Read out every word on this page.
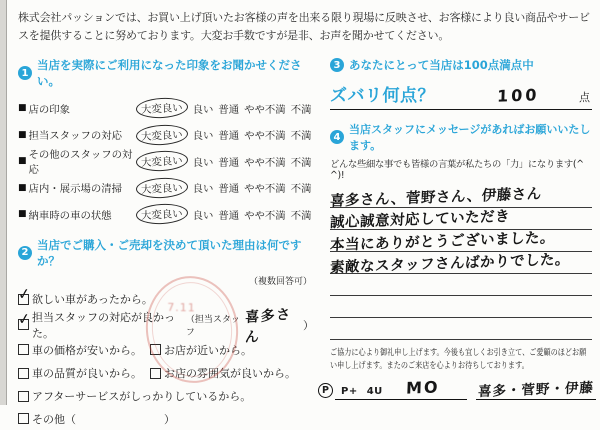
株式会社パッションでは、お買い上げ頂いたお客様の声を出来る限り現場に反映させ、お客様により良い商品やサービスを提供することに努めております。大変お手数ですが是非、お声を聞かせてください。

1
当店を実際にご利用になった印象をお聞かせください。
■ 店の印象	大変良い 良い 普通 やや不満 不満
■ 担当スタッフの対応	大変良い 良い 普通 やや不満 不満
■ その他のスタッフの対応
大変良い 良い 普通 やや不満 不満
■ 店内・展示場の清掃	大変良い 良い 普通 やや不満 不満
■ 納車時の車の状態	大変良い 良い 普通 やや不満 不満
2
当店でご購入・ご売却を決めて頂いた理由は何ですか？
（複数回答可）
✓ 欲しい車があったから。
✓ 担当スタッフの対応が良かった。
（担当スタッフ
喜多さん
）
車の価格が安いから。 お店が近いから。
車の品質が良いから。 お店の雰囲気が良いから。
アフターサービスがしっかりしているから。
その他（	）
3 あなたにとって当店は100点満点中
ズバリ何点？	100	点
4
当店スタッフにメッセージがあればお願いいたします。
どんな些細な事でも皆様の言葉が私たちの「力」になります(^ ^)!
喜多さん、菅野さん、伊藤さん
誠心誠意対応していただき
本当にありがとうございました。
素敵なスタッフさんばかりでした。
ご協力に心より御礼申し上げます。今後も宜しくお引き立て、ご愛顧のほどお願
い申し上げます。またのご来店を心よりお待ちしております。
P	P+ 4U MO	喜多・菅野・伊藤
7.11
